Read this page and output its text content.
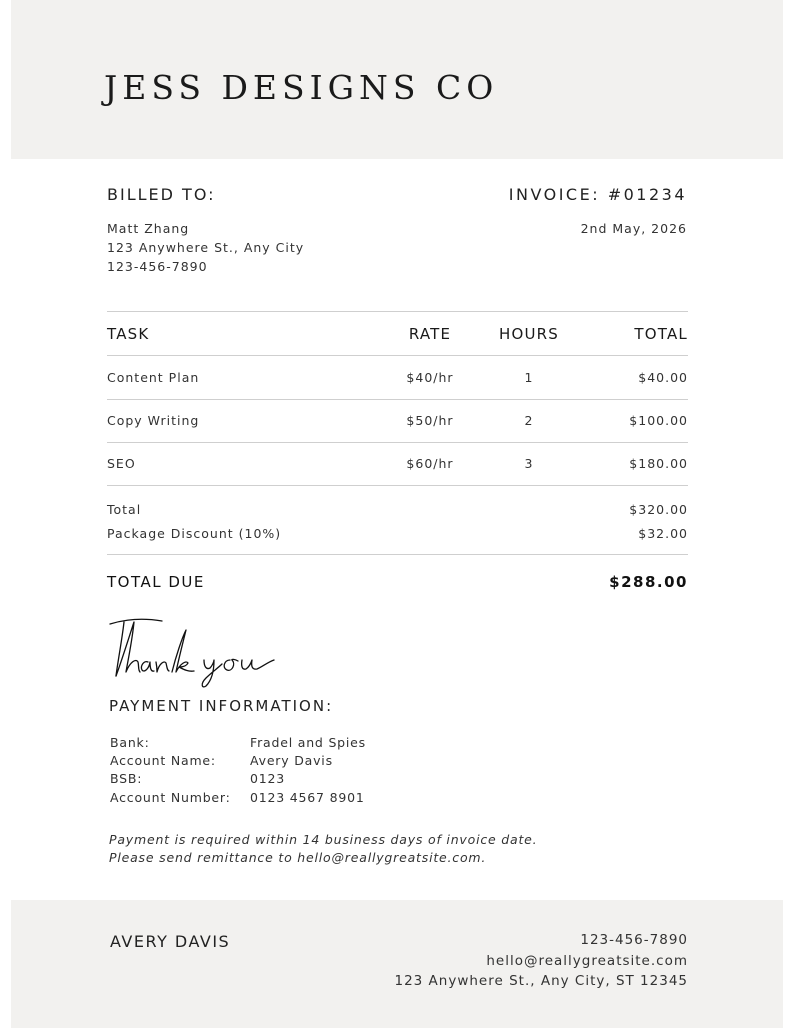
JESS DESIGNS CO
BILLED TO:	INVOICE: #01234
Matt Zhang
123 Anywhere St., Any City
123-456-7890
2nd May, 2026
TASK	RATE	HOURS	TOTAL
Content Plan	$40/hr	1	$40.00
Copy Writing	$50/hr	2	$100.00
SEO	$60/hr	3	$180.00
Total	$320.00
Package Discount (10%)	$32.00
TOTAL DUE	$288.00
PAYMENT INFORMATION:
Bank:	Fradel and Spies
Account Name:	Avery Davis
BSB:	0123
Account Number: 0123 4567 8901
Payment is required within 14 business days of invoice date.
Please send remittance to hello@reallygreatsite.com.
AVERY DAVIS	123-456-7890
hello@reallygreatsite.com
123 Anywhere St., Any City, ST 12345
